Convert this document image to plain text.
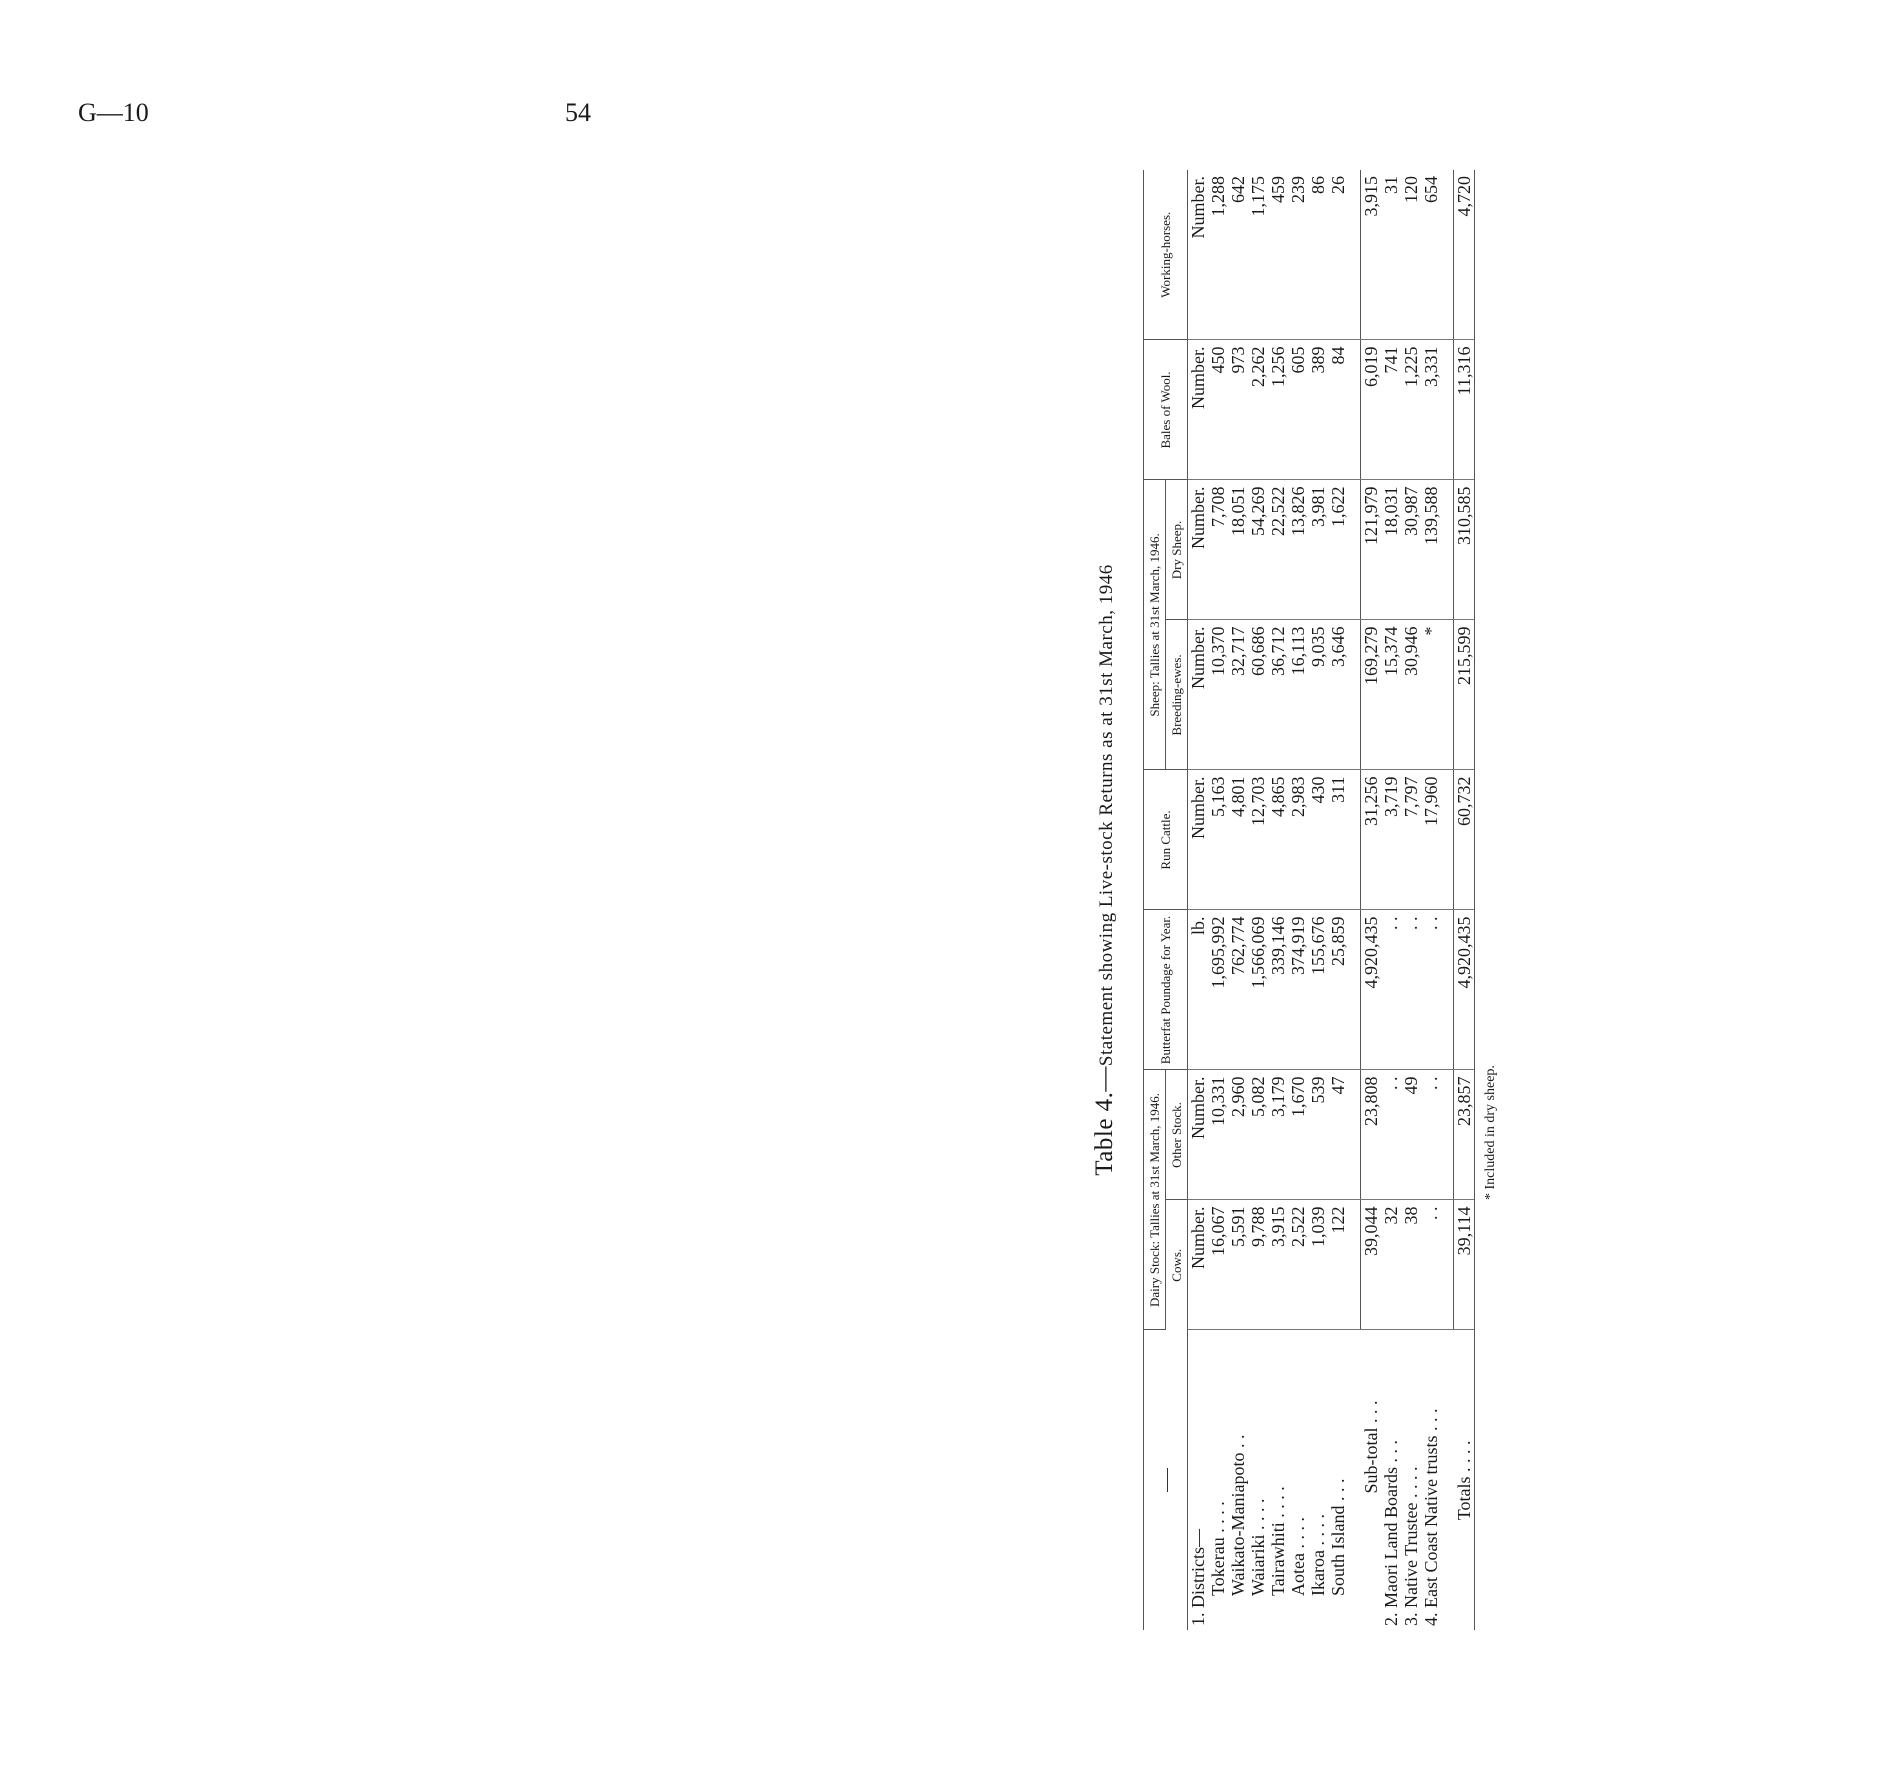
G—10	54
Table 4.—Statement showing Live-stock Returns as at 31st March, 1946
	Dairy Stock: Tallies at 31st March, 1946.		Butterfat Poundage for Year.	Run Cattle.	Sheep: Tallies at 31st March, 1946.		Bales of Wool.	Working-horses.
	Cows.	Other Stock.			Breeding-ewes.	Dry Sheep.		
1. Districts—	Number.	Number.	lb.	Number.	Number.	Number.	Number.	Number.
Tokerau . . . .	16,067	10,331	1,695,992	5,163	10,370	7,708	450	1,288
Waikato-Maniapoto . .	5,591	2,960	762,774	4,801	32,717	18,051	973	642
Waiariki . . . .	9,788	5,082	1,566,069	12,703	60,686	54,269	2,262	1,175
Tairawhiti . . . .	3,915	3,179	339,146	4,865	36,712	22,522	1,256	459
Aotea . . . .	2,522	1,670	374,919	2,983	16,113	13,826	605	239
Ikaroa . . . .	1,039	539	155,676	430	9,035	3,981	389	86
South Island . . .	122	47	25,859	311	3,646	1,622	84	26

Sub-total . . .	39,044	23,808	4,920,435	31,256	169,279	121,979	6,019	3,915
2. Maori Land Boards . . .	32	. .	. .	3,719	15,374	18,031	741	31
3. Native Trustee . . . .	38	49	. .	7,797	30,946	30,987	1,225	120
4. East Coast Native trusts . . .	. .	. .	. .	17,960	*	139,588	3,331	654

Totals . . . .	39,114	23,857	4,920,435	60,732	215,599	310,585	11,316	4,720
* Included in dry sheep.
